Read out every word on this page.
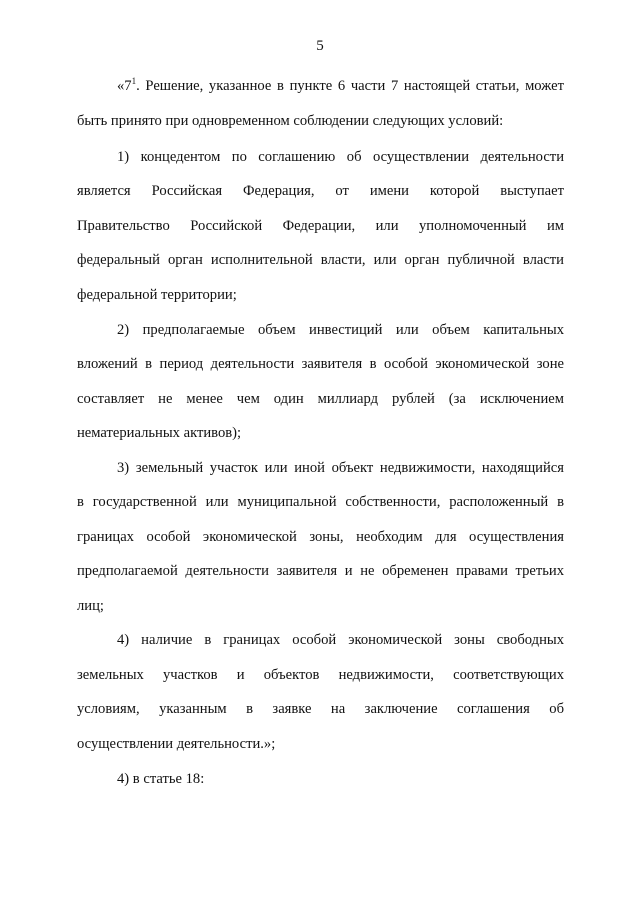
5
«$7^1$. Решение, указанное в пункте 6 части 7 настоящей статьи, может
быть принято при одновременном соблюдении следующих условий:
1) концедентом по соглашению об осуществлении деятельности
является Российская Федерация, от имени которой выступает
Правительство Российской Федерации, или уполномоченный им
федеральный орган исполнительной власти, или орган публичной власти
федеральной территории;
2) предполагаемые объем инвестиций или объем капитальных
вложений в период деятельности заявителя в особой экономической зоне
составляет не менее чем один миллиард рублей (за исключением
нематериальных активов);
3) земельный участок или иной объект недвижимости, находящийся
в государственной или муниципальной собственности, расположенный в
границах особой экономической зоны, необходим для осуществления
предполагаемой деятельности заявителя и не обременен правами третьих
лиц;
4) наличие в границах особой экономической зоны свободных
земельных участков и объектов недвижимости, соответствующих
условиям, указанным в заявке на заключение соглашения об
осуществлении деятельности.»;
4) в статье 18:
